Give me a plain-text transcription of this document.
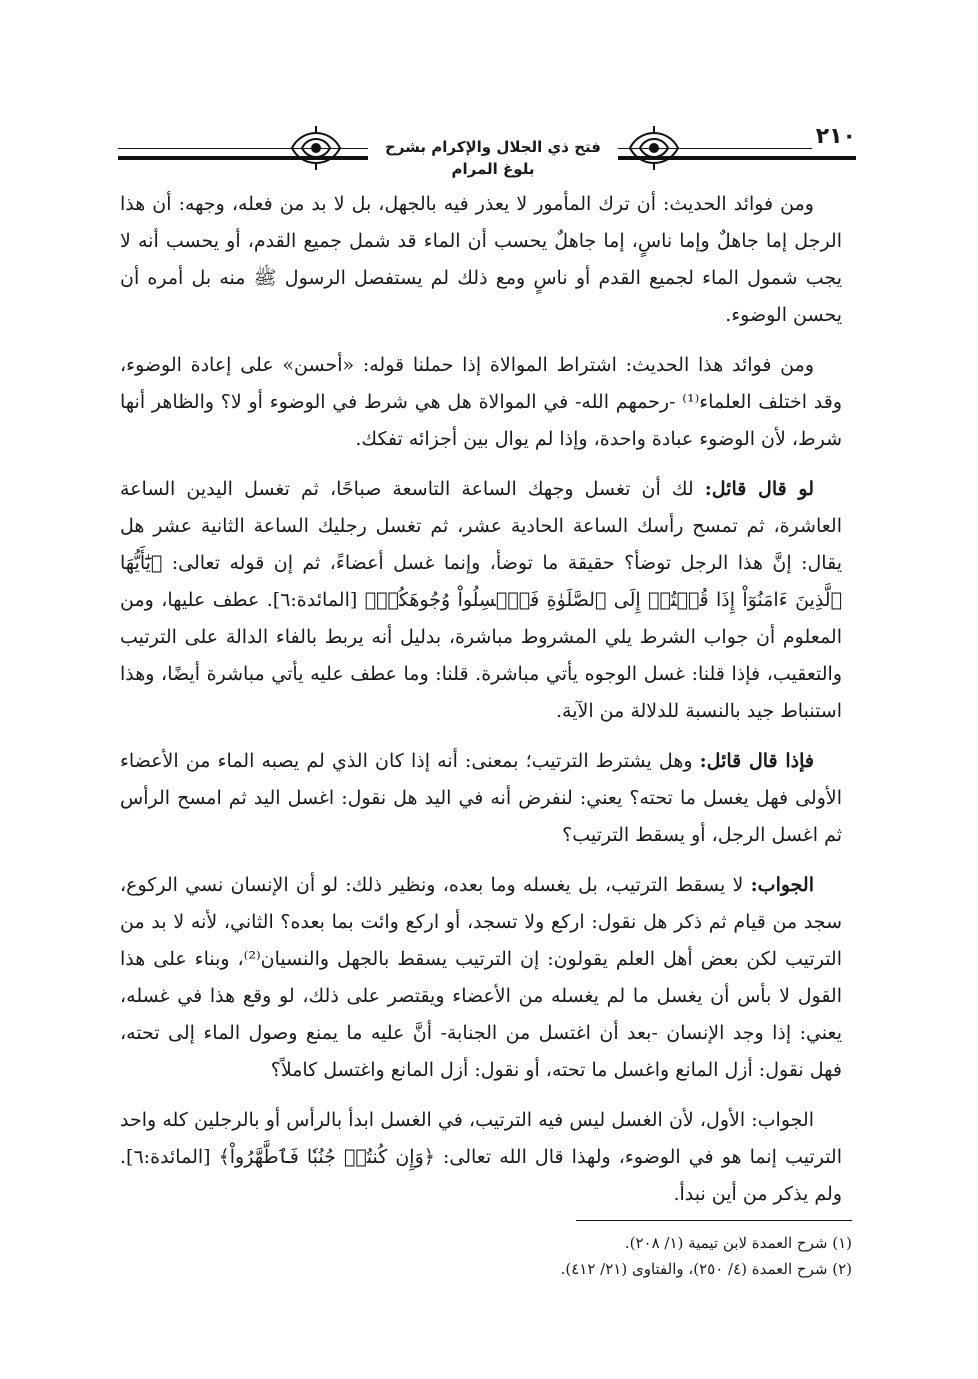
فتح ذي الجلال والإكرام بشرح بلوغ المرام
٢١٠

ومن فوائد الحديث: أن ترك المأمور لا يعذر فيه بالجهل، بل لا بد من فعله، وجهه: أن هذا الرجل إما جاهلٌ وإما ناسٍ، إما جاهلٌ يحسب أن الماء قد شمل جميع القدم، أو يحسب أنه لا يجب شمول الماء لجميع القدم أو ناسٍ ومع ذلك لم يستفصل الرسول ﷺ منه بل أمره أن يحسن الوضوء.

ومن فوائد هذا الحديث: اشتراط الموالاة إذا حملنا قوله: «أحسن» على إعادة الوضوء، وقد اختلف العلماء⁽¹⁾ -رحمهم الله- في الموالاة هل هي شرط في الوضوء أو لا؟ والظاهر أنها شرط، لأن الوضوء عبادة واحدة، وإذا لم يوال بين أجزائه تفكك.

لو قال قائل: لك أن تغسل وجهك الساعة التاسعة صباحًا، ثم تغسل اليدين الساعة العاشرة، ثم تمسح رأسك الساعة الحادية عشر، ثم تغسل رجليك الساعة الثانية عشر هل يقال: إنَّ هذا الرجل توضأ؟ حقيقة ما توضأ، وإنما غسل أعضاءً، ثم إن قوله تعالى: ﴿يَٰٓأَيُّهَا ٱلَّذِينَ ءَامَنُوٓاْ إِذَا قُمۡتُمۡ إِلَى ٱلصَّلَوٰةِ فَٱغۡسِلُواْ وُجُوهَكُمۡ﴾ [المائدة:٦]. عطف عليها، ومن المعلوم أن جواب الشرط يلي المشروط مباشرة، بدليل أنه يربط بالفاء الدالة على الترتيب والتعقيب، فإذا قلنا: غسل الوجوه يأتي مباشرة. قلنا: وما عطف عليه يأتي مباشرة أيضًا، وهذا استنباط جيد بالنسبة للدلالة من الآية.

فإذا قال قائل: وهل يشترط الترتيب؛ بمعنى: أنه إذا كان الذي لم يصبه الماء من الأعضاء الأولى فهل يغسل ما تحته؟ يعني: لنفرض أنه في اليد هل نقول: اغسل اليد ثم امسح الرأس ثم اغسل الرجل، أو يسقط الترتيب؟

الجواب: لا يسقط الترتيب، بل يغسله وما بعده، ونظير ذلك: لو أن الإنسان نسي الركوع، سجد من قيام ثم ذكر هل نقول: اركع ولا تسجد، أو اركع وائت بما بعده؟ الثاني، لأنه لا بد من الترتيب لكن بعض أهل العلم يقولون: إن الترتيب يسقط بالجهل والنسيان⁽²⁾، وبناء على هذا القول لا بأس أن يغسل ما لم يغسله من الأعضاء ويقتصر على ذلك، لو وقع هذا في غسله، يعني: إذا وجد الإنسان -بعد أن اغتسل من الجنابة- أنَّ عليه ما يمنع وصول الماء إلى تحته، فهل نقول: أزل المانع واغسل ما تحته، أو نقول: أزل المانع واغتسل كاملاً؟

الجواب: الأول، لأن الغسل ليس فيه الترتيب، في الغسل ابدأ بالرأس أو بالرجلين كله واحد الترتيب إنما هو في الوضوء، ولهذا قال الله تعالى: ﴿وَإِن كُنتُمۡ جُنُبٗا فَٱطَّهَّرُواْ﴾ [المائدة:٦]. ولم يذكر من أين نبدأ.

(١) شرح العمدة لابن تيمية (١/ ٢٠٨).
(٢) شرح العمدة (٤/ ٢٥٠)، والفتاوى (٢١/ ٤١٢).
